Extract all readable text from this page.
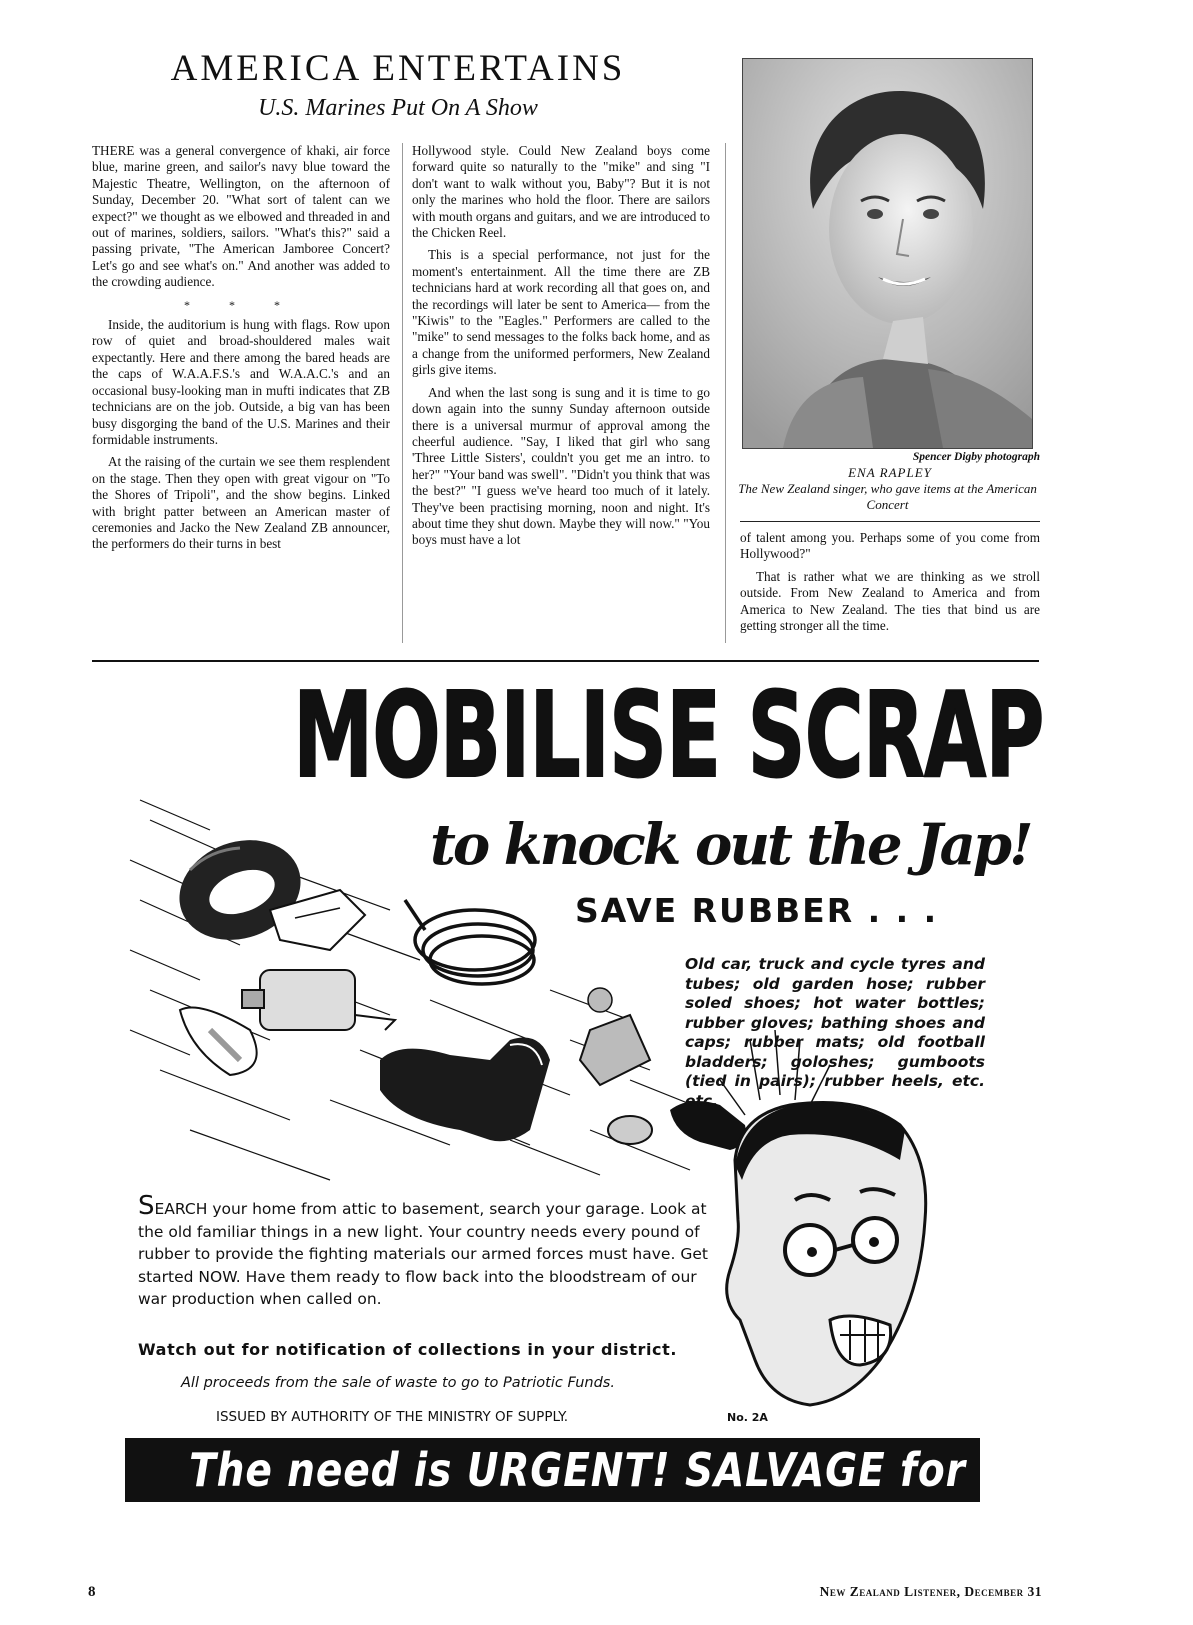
AMERICA ENTERTAINS
U.S. Marines Put On A Show

THERE was a general convergence of khaki, air force blue, marine green, and sailor's navy blue toward the Majestic Theatre, Wellington, on the afternoon of Sunday, December 20. "What sort of talent can we expect?" we thought as we elbowed and threaded in and out of marines, soldiers, sailors. "What's this?" said a passing private, "The American Jamboree Concert? Let's go and see what's on." And another was added to the crowding audience.

* * *

Inside, the auditorium is hung with flags. Row upon row of quiet and broad-shouldered males wait expectantly. Here and there among the bared heads are the caps of W.A.A.F.S.'s and W.A.A.C.'s and an occasional busy-looking man in mufti indicates that ZB technicians are on the job. Outside, a big van has been busy disgorging the band of the U.S. Marines and their formidable instruments.

At the raising of the curtain we see them resplendent on the stage. Then they open with great vigour on "To the Shores of Tripoli", and the show begins. Linked with bright patter between an American master of ceremonies and Jacko the New Zealand ZB announcer, the performers do their turns in best

Hollywood style. Could New Zealand boys come forward quite so naturally to the "mike" and sing "I don't want to walk without you, Baby"? But it is not only the marines who hold the floor. There are sailors with mouth organs and guitars, and we are introduced to the Chicken Reel.

This is a special performance, not just for the moment's entertainment. All the time there are ZB technicians hard at work recording all that goes on, and the recordings will later be sent to America— from the "Kiwis" to the "Eagles." Performers are called to the "mike" to send messages to the folks back home, and as a change from the uniformed performers, New Zealand girls give items.

And when the last song is sung and it is time to go down again into the sunny Sunday afternoon outside there is a universal murmur of approval among the cheerful audience. "Say, I liked that girl who sang 'Three Little Sisters', couldn't you get me an intro. to her?" "Your band was swell". "Didn't you think that was the best?" "I guess we've heard too much of it lately. They've been practising morning, noon and night. It's about time they shut down. Maybe they will now." "You boys must have a lot

Spencer Digby photograph
ENA RAPLEY
The New Zealand singer, who gave items at the American Concert

of talent among you. Perhaps some of you come from Hollywood?"

That is rather what we are thinking as we stroll outside. From New Zealand to America and from America to New Zealand. The ties that bind us are getting stronger all the time.

MOBILISE SCRAP
to knock out the Jap!
SAVE RUBBER . . .
Old car, truck and cycle tyres and tubes; old garden hose; rubber soled shoes; hot water bottles; rubber gloves; bathing shoes and caps; rubber mats; old football bladders; goloshes; gumboots (tied in pairs); rubber heels, etc. etc.
SEARCH your home from attic to basement, search your garage. Look at the old familiar things in a new light. Your country needs every pound of rubber to provide the fighting materials our armed forces must have. Get started NOW. Have them ready to flow back into the bloodstream of our war production when called on.
Watch out for notification of collections in your district.
All proceeds from the sale of waste to go to Patriotic Funds.
ISSUED BY AUTHORITY OF THE MINISTRY OF SUPPLY.	No. 2A
The need is URGENT! SALVAGE for VICTORY!
8	New Zealand Listener, December 31
